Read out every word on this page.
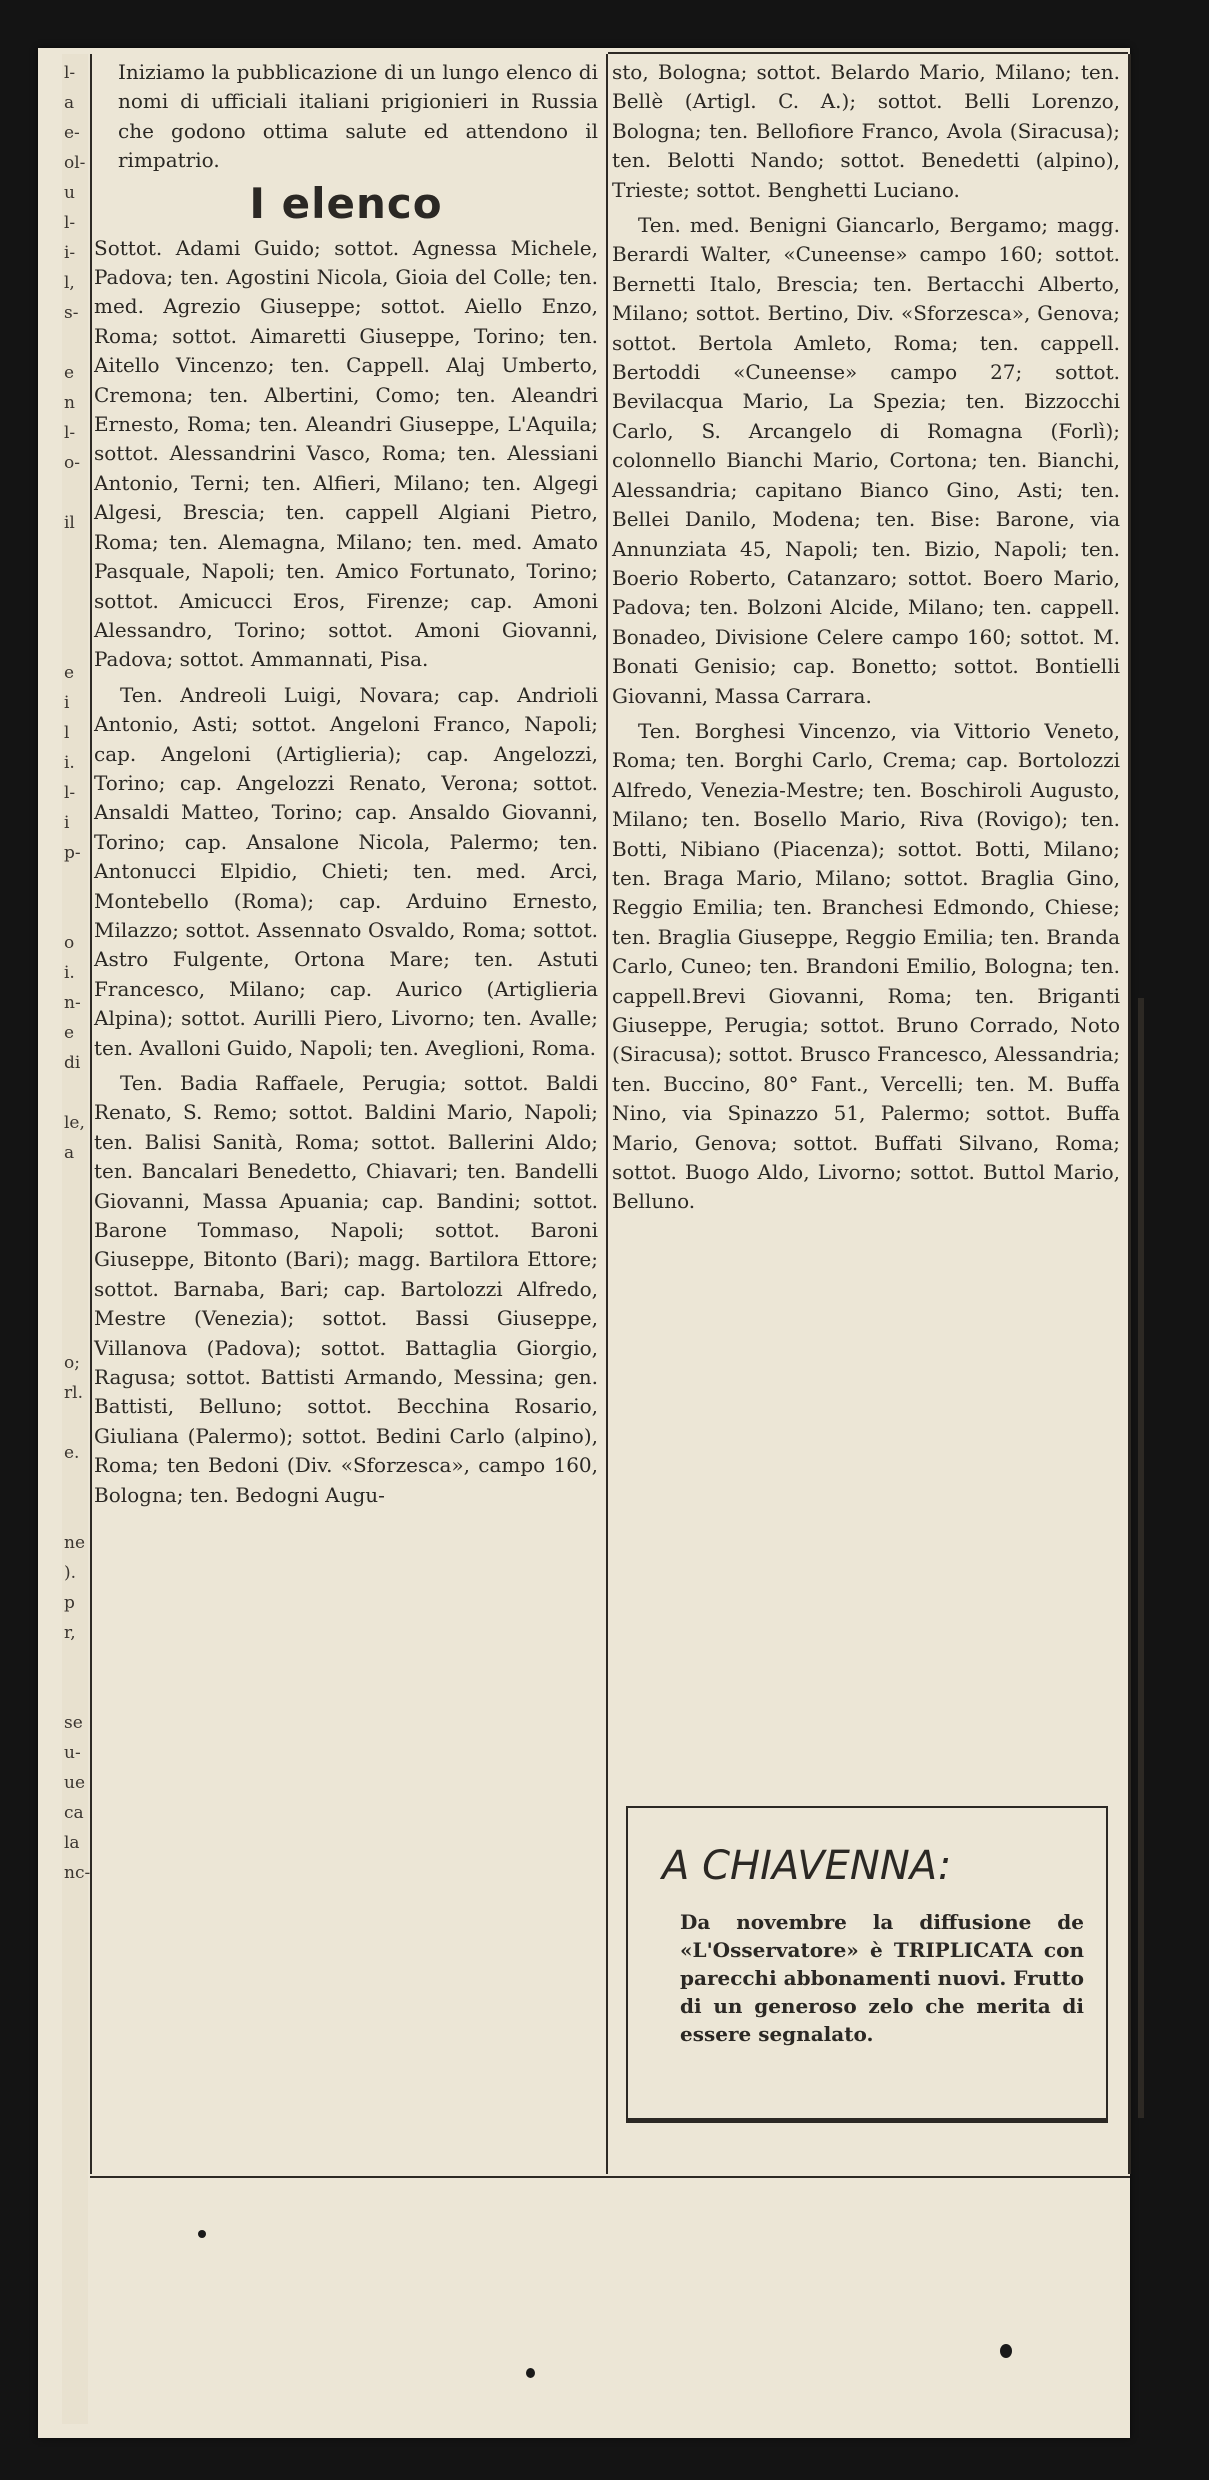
l-
a
e-
ol-
u
l-
i-
l,
s-

e
n
l-
o-

il

e
i
l
i.
l-
i
p-

o
i.
n-
e
di

le,
a

o;
rl.

e.

ne
).
p
r,

se
u-
ue
ca
la
nc-

Iniziamo la pubblicazione di un lungo elenco di nomi di ufficiali italiani prigionieri in Russia che godono ottima salute ed attendono il rimpatrio.

I elenco

Sottot. Adami Guido; sottot. Agnessa Michele, Padova; ten. Agostini Nicola, Gioia del Colle; ten. med. Agrezio Giuseppe; sottot. Aiello Enzo, Roma; sottot. Aimaretti Giuseppe, Torino; ten. Aitello Vincenzo; ten. Cappell. Alaj Umberto, Cremona; ten. Albertini, Como; ten. Aleandri Ernesto, Roma; ten. Aleandri Giuseppe, L'Aquila; sottot. Alessandrini Vasco, Roma; ten. Alessiani Antonio, Terni; ten. Alfieri, Milano; ten. Algegi Algesi, Brescia; ten. cappell Algiani Pietro, Roma; ten. Alemagna, Milano; ten. med. Amato Pasquale, Napoli; ten. Amico Fortunato, Torino; sottot. Amicucci Eros, Firenze; cap. Amoni Alessandro, Torino; sottot. Amoni Giovanni, Padova; sottot. Ammannati, Pisa.

Ten. Andreoli Luigi, Novara; cap. Andrioli Antonio, Asti; sottot. Angeloni Franco, Napoli; cap. Angeloni (Artiglieria); cap. Angelozzi, Torino; cap. Angelozzi Renato, Verona; sottot. Ansaldi Matteo, Torino; cap. Ansaldo Giovanni, Torino; cap. Ansalone Nicola, Palermo; ten. Antonucci Elpidio, Chieti; ten. med. Arci, Montebello (Roma); cap. Arduino Ernesto, Milazzo; sottot. Assennato Osvaldo, Roma; sottot. Astro Fulgente, Ortona Mare; ten. Astuti Francesco, Milano; cap. Aurico (Artiglieria Alpina); sottot. Aurilli Piero, Livorno; ten. Avalle; ten. Avalloni Guido, Napoli; ten. Aveglioni, Roma.

Ten. Badia Raffaele, Perugia; sottot. Baldi Renato, S. Remo; sottot. Baldini Mario, Napoli; ten. Balisi Sanità, Roma; sottot. Ballerini Aldo; ten. Bancalari Benedetto, Chiavari; ten. Bandelli Giovanni, Massa Apuania; cap. Bandini; sottot. Barone Tommaso, Napoli; sottot. Baroni Giuseppe, Bitonto (Bari); magg. Bartilora Ettore; sottot. Barnaba, Bari; cap. Bartolozzi Alfredo, Mestre (Venezia); sottot. Bassi Giuseppe, Villanova (Padova); sottot. Battaglia Giorgio, Ragusa; sottot. Battisti Armando, Messina; gen. Battisti, Belluno; sottot. Becchina Rosario, Giuliana (Palermo); sottot. Bedini Carlo (alpino), Roma; ten Bedoni (Div. «Sforzesca», campo 160, Bologna; ten. Bedogni Augu-

sto, Bologna; sottot. Belardo Mario, Milano; ten. Bellè (Artigl. C. A.); sottot. Belli Lorenzo, Bologna; ten. Bellofiore Franco, Avola (Siracusa); ten. Belotti Nando; sottot. Benedetti (alpino), Trieste; sottot. Benghetti Luciano.

Ten. med. Benigni Giancarlo, Bergamo; magg. Berardi Walter, «Cuneense» campo 160; sottot. Bernetti Italo, Brescia; ten. Bertacchi Alberto, Milano; sottot. Bertino, Div. «Sforzesca», Genova; sottot. Bertola Amleto, Roma; ten. cappell. Bertoddi «Cuneense» campo 27; sottot. Bevilacqua Mario, La Spezia; ten. Bizzocchi Carlo, S. Arcangelo di Romagna (Forlì); colonnello Bianchi Mario, Cortona; ten. Bianchi, Alessandria; capitano Bianco Gino, Asti; ten. Bellei Danilo, Modena; ten. Bise: Barone, via Annunziata 45, Napoli; ten. Bizio, Napoli; ten. Boerio Roberto, Catanzaro; sottot. Boero Mario, Padova; ten. Bolzoni Alcide, Milano; ten. cappell. Bonadeo, Divisione Celere campo 160; sottot. M. Bonati Genisio; cap. Bonetto; sottot. Bontielli Giovanni, Massa Carrara.

Ten. Borghesi Vincenzo, via Vittorio Veneto, Roma; ten. Borghi Carlo, Crema; cap. Bortolozzi Alfredo, Venezia-Mestre; ten. Boschiroli Augusto, Milano; ten. Bosello Mario, Riva (Rovigo); ten. Botti, Nibiano (Piacenza); sottot. Botti, Milano; ten. Braga Mario, Milano; sottot. Braglia Gino, Reggio Emilia; ten. Branchesi Edmondo, Chiese; ten. Braglia Giuseppe, Reggio Emilia; ten. Branda Carlo, Cuneo; ten. Brandoni Emilio, Bologna; ten. cappell.Brevi Giovanni, Roma; ten. Briganti Giuseppe, Perugia; sottot. Bruno Corrado, Noto (Siracusa); sottot. Brusco Francesco, Alessandria; ten. Buccino, 80° Fant., Vercelli; ten. M. Buffa Nino, via Spinazzo 51, Palermo; sottot. Buffa Mario, Genova; sottot. Buffati Silvano, Roma; sottot. Buogo Aldo, Livorno; sottot. Buttol Mario, Belluno.

A CHIAVENNA:
Da novembre la diffusione de «L'Osservatore» è TRIPLICATA con parecchi abbonamenti nuovi. Frutto di un generoso zelo che merita di essere segnalato.
